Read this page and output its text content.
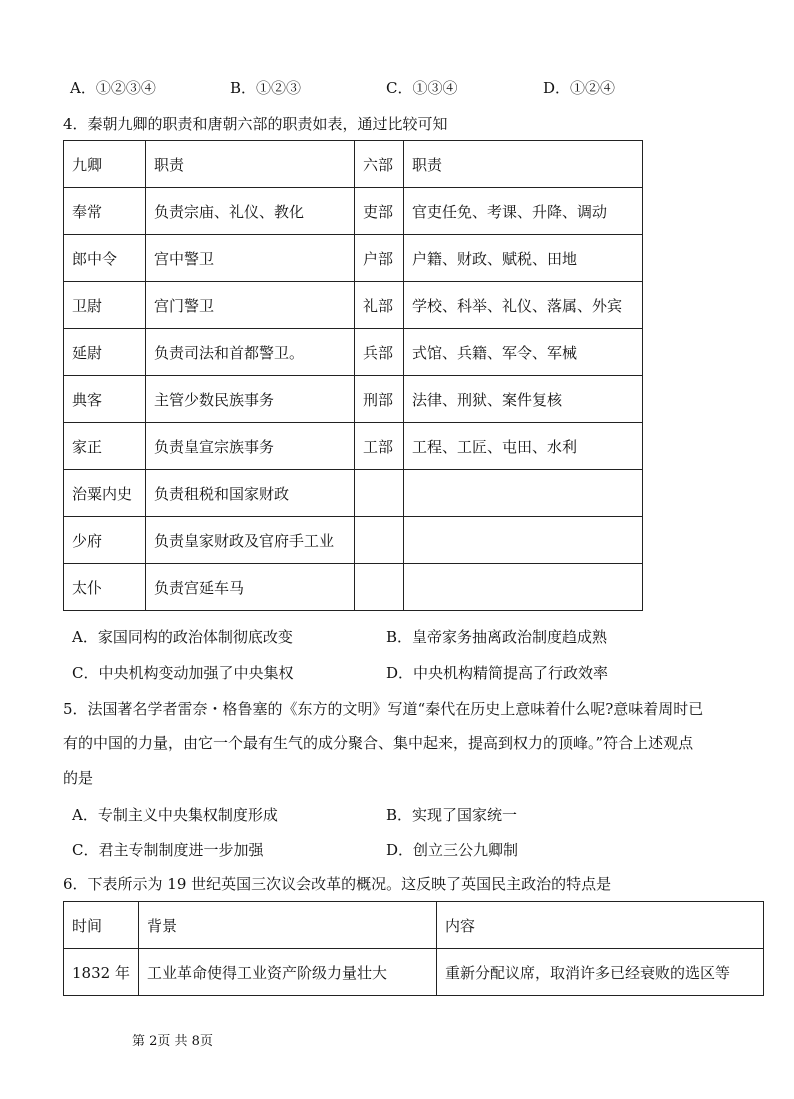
A．①②③④	B．①②③	C．①③④	D．①②④
4．秦朝九卿的职责和唐朝六部的职责如表，通过比较可知
九卿	职责	六部	职责
奉常	负责宗庙、礼仪、教化	吏部	官吏任免、考课、升降、调动
郎中令	宫中警卫	户部	户籍、财政、赋税、田地
卫尉	宫门警卫	礼部	学校、科举、礼仪、落属、外宾
延尉	负责司法和首都警卫。	兵部	式馆、兵籍、军令、军械
典客	主管少数民族事务	刑部	法律、刑狱、案件复核
家正	负责皇宣宗族事务	工部	工程、工匠、屯田、水利
治粟内史	负责租税和国家财政		
少府	负责皇家财政及官府手工业		
太仆	负责宫延车马		
A．家国同构的政治体制彻底改变	B．皇帝家务抽离政治制度趋成熟
C．中央机构变动加强了中央集权	D．中央机构精简提高了行政效率
5．法国著名学者雷奈・格鲁塞的《东方的文明》写道“秦代在历史上意味着什么呢?意味着周时已
有的中国的力量，由它一个最有生气的成分聚合、集中起来，提高到权力的顶峰。”符合上述观点
的是
A．专制主义中央集权制度形成	B．实现了国家统一
C．君主专制制度进一步加强	D．创立三公九卿制
6．下表所示为 19 世纪英国三次议会改革的概况。这反映了英国民主政治的特点是
时间	背景	内容
1832 年	工业革命使得工业资产阶级力量壮大	重新分配议席，取消许多已经衰败的选区等
第 2页 共 8页
